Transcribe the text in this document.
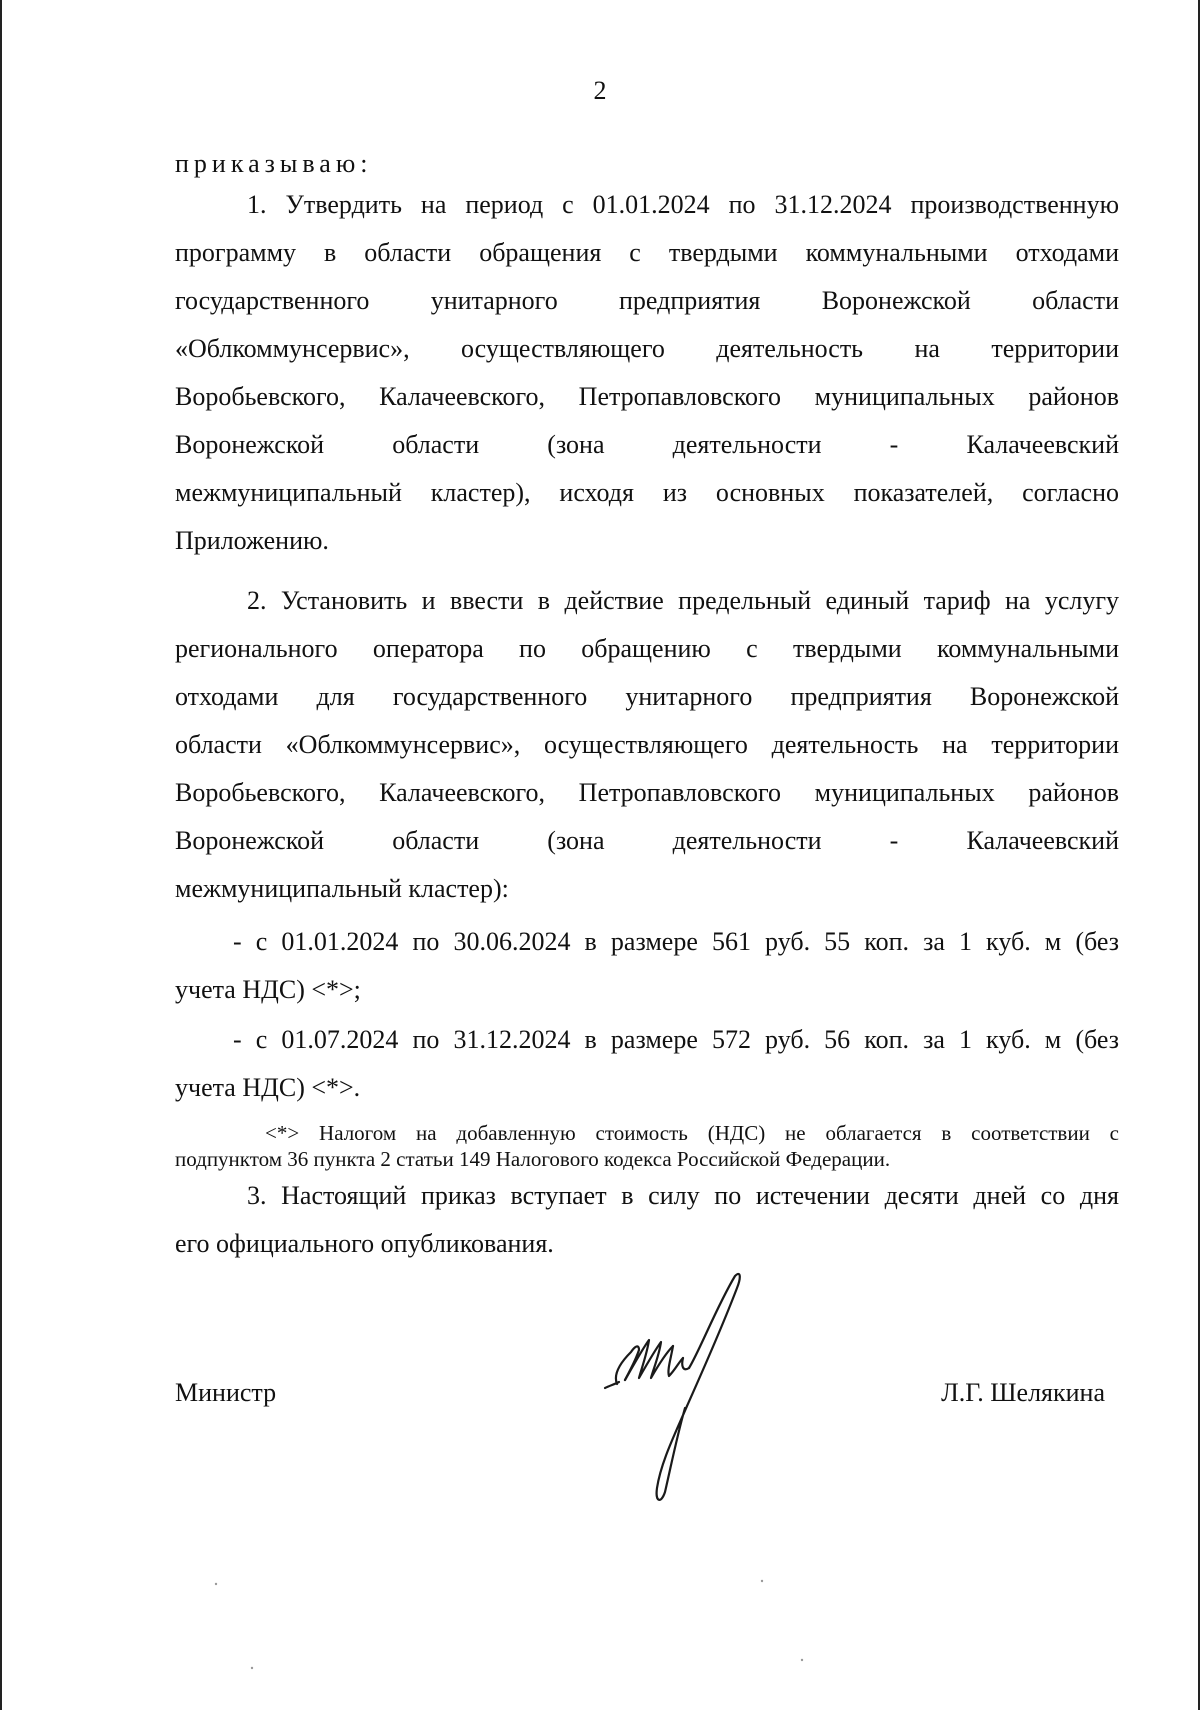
2
приказываю:
1. Утвердить на период с 01.01.2024 по 31.12.2024 производственную
программу в области обращения с твердыми коммунальными отходами
государственного унитарного предприятия Воронежской области
«Облкоммунсервис», осуществляющего деятельность на территории
Воробьевского, Калачеевского, Петропавловского муниципальных районов
Воронежской области (зона деятельности - Калачеевский
межмуниципальный кластер), исходя из основных показателей, согласно
Приложению.
2. Установить и ввести в действие предельный единый тариф на услугу
регионального оператора по обращению с твердыми коммунальными
отходами для государственного унитарного предприятия Воронежской
области «Облкоммунсервис», осуществляющего деятельность на территории
Воробьевского, Калачеевского, Петропавловского муниципальных районов
Воронежской области (зона деятельности - Калачеевский
межмуниципальный кластер):
- с 01.01.2024 по 30.06.2024 в размере 561 руб. 55 коп. за 1 куб. м (без
учета НДС) <*>;
- с 01.07.2024 по 31.12.2024 в размере 572 руб. 56 коп. за 1 куб. м (без
учета НДС) <*>.
<*> Налогом на добавленную стоимость (НДС) не облагается в соответствии с
подпунктом 36 пункта 2 статьи 149 Налогового кодекса Российской Федерации.
3. Настоящий приказ вступает в силу по истечении десяти дней со дня
его официального опубликования.
Министр	Л.Г. Шелякина
